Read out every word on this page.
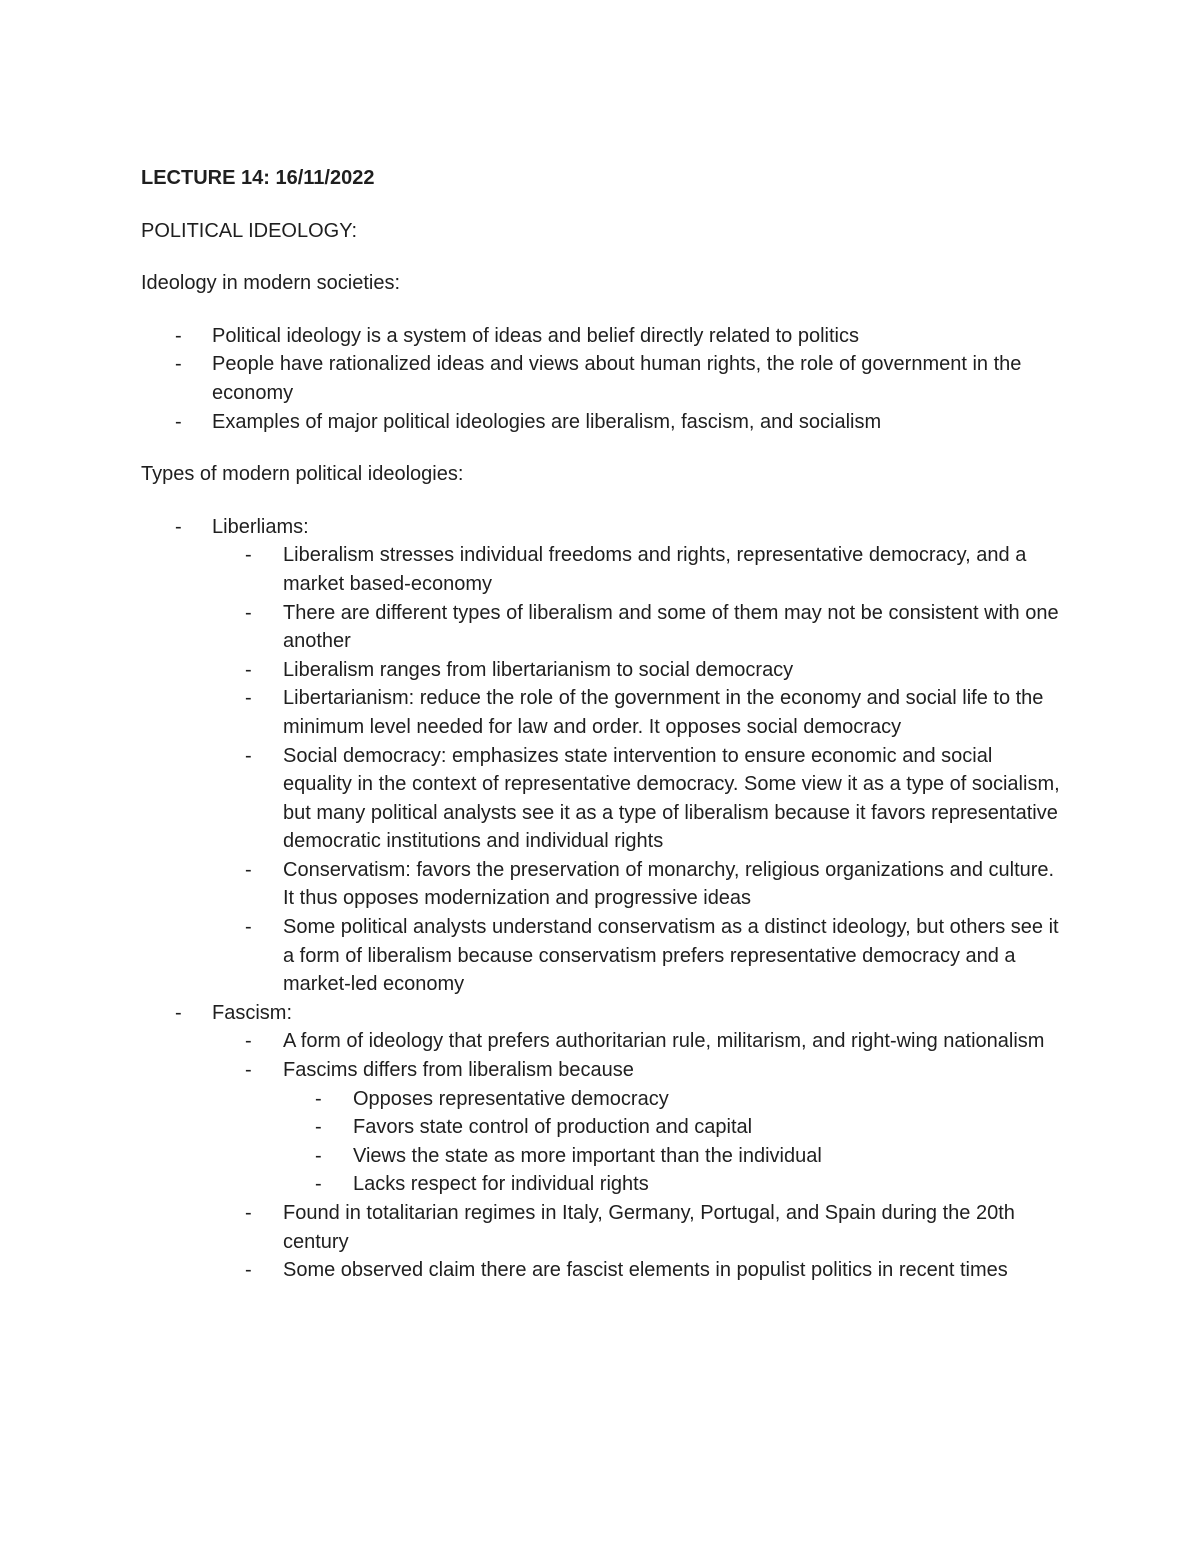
LECTURE 14: 16/11/2022
POLITICAL IDEOLOGY:
Ideology in modern societies:
- Political ideology is a system of ideas and belief directly related to politics
- People have rationalized ideas and views about human rights, the role of government in the economy
- Examples of major political ideologies are liberalism, fascism, and socialism
Types of modern political ideologies:
- Liberliams:
- Liberalism stresses individual freedoms and rights, representative democracy, and a market based-economy
- There are different types of liberalism and some of them may not be consistent with one another
- Liberalism ranges from libertarianism to social democracy
- Libertarianism: reduce the role of the government in the economy and social life to the minimum level needed for law and order. It opposes social democracy
- Social democracy: emphasizes state intervention to ensure economic and social equality in the context of representative democracy. Some view it as a type of socialism, but many political analysts see it as a type of liberalism because it favors representative democratic institutions and individual rights
- Conservatism: favors the preservation of monarchy, religious organizations and culture. It thus opposes modernization and progressive ideas
- Some political analysts understand conservatism as a distinct ideology, but others see it a form of liberalism because conservatism prefers representative democracy and a market-led economy
- Fascism:
- A form of ideology that prefers authoritarian rule, militarism, and right-wing nationalism
- Fascims differs from liberalism because
- Opposes representative democracy
- Favors state control of production and capital
- Views the state as more important than the individual
- Lacks respect for individual rights
- Found in totalitarian regimes in Italy, Germany, Portugal, and Spain during the 20th century
- Some observed claim there are fascist elements in populist politics in recent times
